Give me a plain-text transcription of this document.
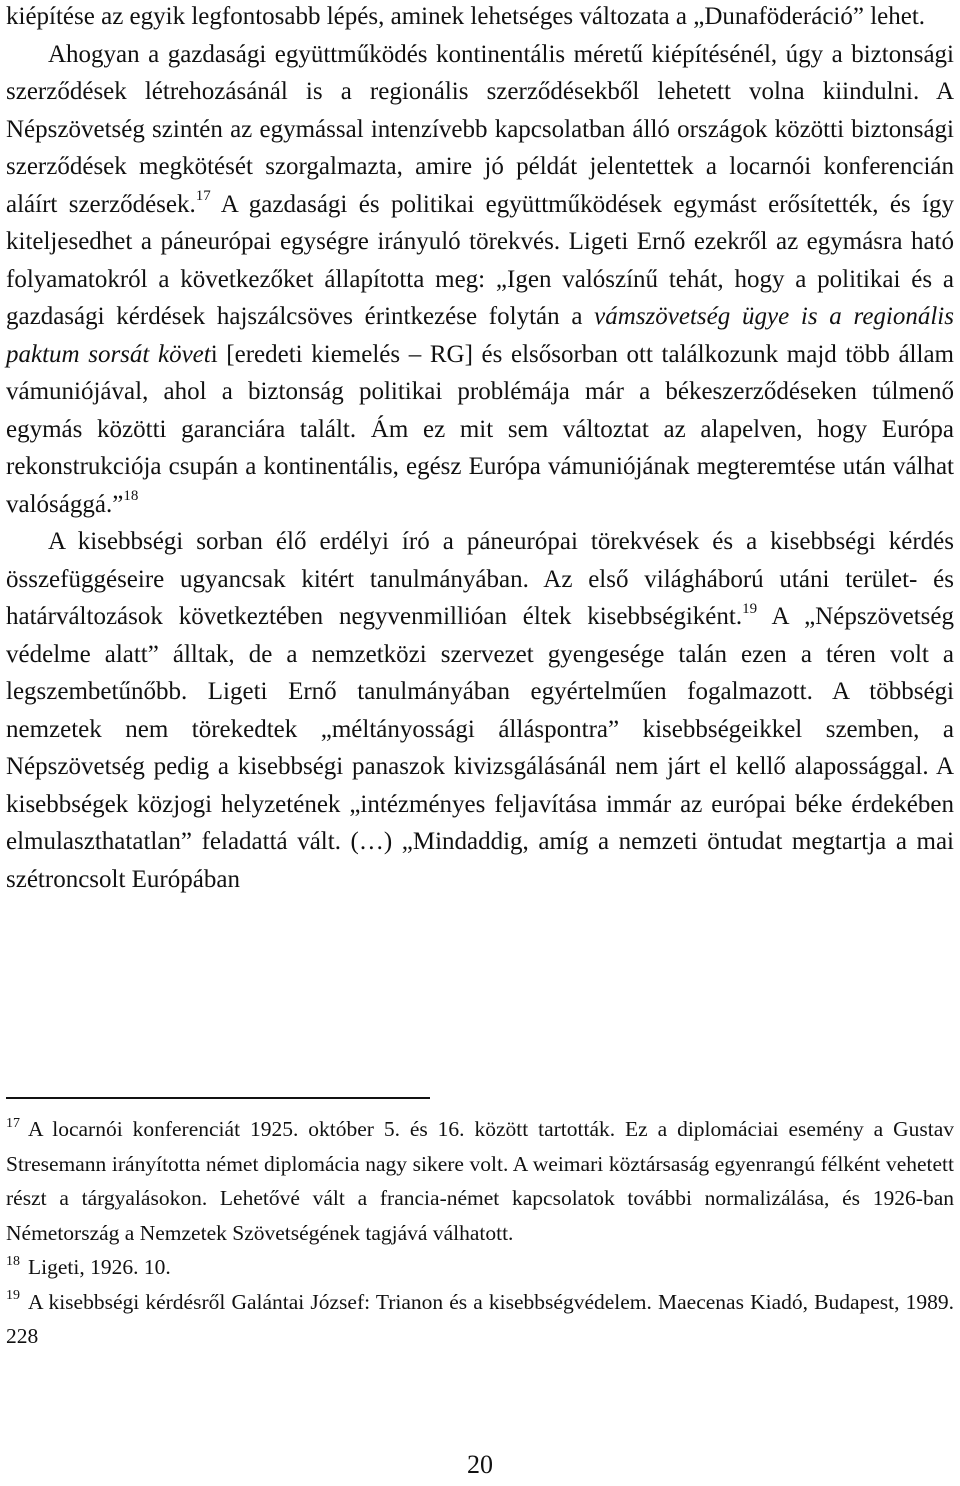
kiépítése az egyik legfontosabb lépés, aminek lehetséges változata a „Dunaföderáció” lehet.

Ahogyan a gazdasági együttműködés kontinentális méretű kiépítésénél, úgy a biztonsági szerződések létrehozásánál is a regionális szerződésekből lehetett volna kiindulni. A Népszövetség szintén az egymással intenzívebb kapcsolatban álló országok közötti biztonsági szerződések megkötését szorgalmazta, amire jó példát jelentettek a locarnói konferencián aláírt szerződések.$^{17}$ A gazdasági és politikai együttműködések egymást erősítették, és így kiteljesedhet a páneurópai egységre irányuló törekvés. Ligeti Ernő ezekről az egymásra ható folyamatokról a következőket állapította meg: „Igen valószínű tehát, hogy a politikai és a gazdasági kérdések hajszálcsöves érintkezése folytán a vámszövetség ügye is a regionális paktum sorsát követi [eredeti kiemelés – RG] és elsősorban ott találkozunk majd több állam vámuniójával, ahol a biztonság politikai problémája már a békeszerződéseken túlmenő egymás közötti garanciára talált. Ám ez mit sem változtat az alapelven, hogy Európa rekonstrukciója csupán a kontinentális, egész Európa vámuniójának megteremtése után válhat valósággá.”$^{18}$

A kisebbségi sorban élő erdélyi író a páneurópai törekvések és a kisebbségi kérdés összefüggéseire ugyancsak kitért tanulmányában. Az első világháború utáni terület- és határváltozások következtében negyvenmillióan éltek kisebbségiként.$^{19}$ A „Népszövetség védelme alatt” álltak, de a nemzetközi szervezet gyengesége talán ezen a téren volt a legszembetűnőbb. Ligeti Ernő tanulmányában egyértelműen fogalmazott. A többségi nemzetek nem törekedtek „méltányossági álláspontra” kisebbségeikkel szemben, a Népszövetség pedig a kisebbségi panaszok kivizsgálásánál nem járt el kellő alapossággal. A kisebbségek közjogi helyzetének „intézményes feljavítása immár az európai béke érdekében elmulaszthatatlan” feladattá vált. (…) „Mindaddig, amíg a nemzeti öntudat megtartja a mai szétroncsolt Európában

$^{17}$ A locarnói konferenciát 1925. október 5. és 16. között tartották. Ez a diplomáciai esemény a Gustav Stresemann irányította német diplomácia nagy sikere volt. A weimari köztársaság egyenrangú félként vehetett részt a tárgyalásokon. Lehetővé vált a francia-német kapcsolatok további normalizálása, és 1926-ban Németország a Nemzetek Szövetségének tagjává válhatott.

$^{18}$ Ligeti, 1926. 10.

$^{19}$ A kisebbségi kérdésről Galántai József: Trianon és a kisebbségvédelem. Maecenas Kiadó, Budapest, 1989. 228

20
